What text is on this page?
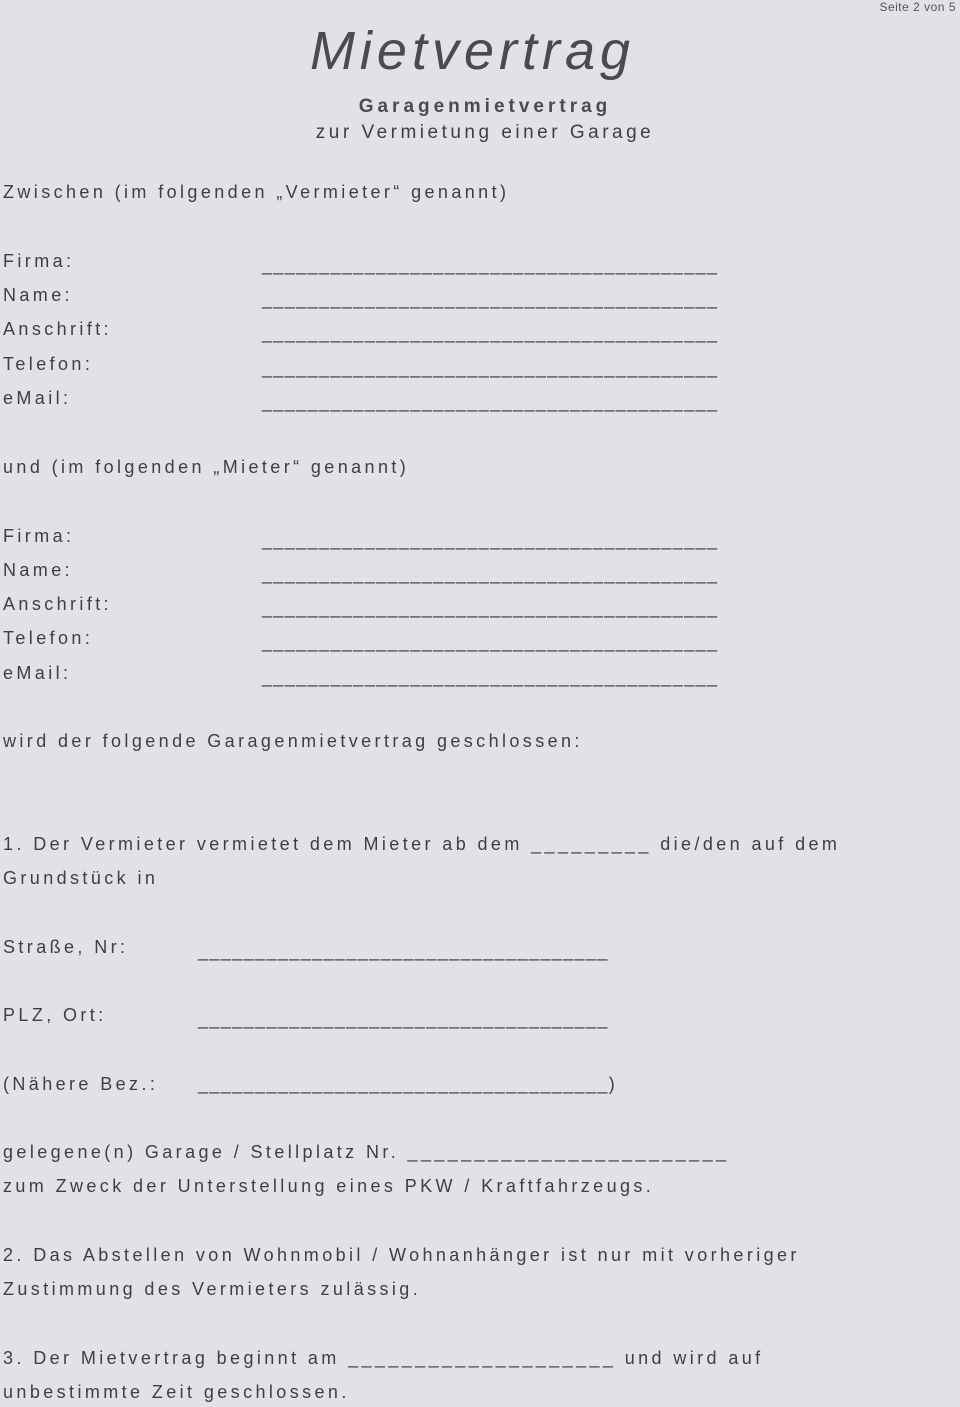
Seite 2 von 5
Mietvertrag
Garagenmietvertrag
zur Vermietung einer Garage
Zwischen (im folgenden „Vermieter“ genannt)
Firma:	________________________________________
Name:	________________________________________
Anschrift:	________________________________________
Telefon:	________________________________________
eMail:	________________________________________
und (im folgenden „Mieter“ genannt)
Firma:	________________________________________
Name:	________________________________________
Anschrift:	________________________________________
Telefon:	________________________________________
eMail:	________________________________________
wird der folgende Garagenmietvertrag geschlossen:
1. Der Vermieter vermietet dem Mieter ab dem _________ die/den auf dem
Grundstück in
Straße, Nr:	____________________________________
PLZ, Ort:	____________________________________
(Nähere Bez.: ____________________________________)
gelegene(n) Garage / Stellplatz Nr. ________________________
zum Zweck der Unterstellung eines PKW / Kraftfahrzeugs.
2. Das Abstellen von Wohnmobil / Wohnanhänger ist nur mit vorheriger
Zustimmung des Vermieters zulässig.
3. Der Mietvertrag beginnt am ____________________ und wird auf
unbestimmte Zeit geschlossen.
